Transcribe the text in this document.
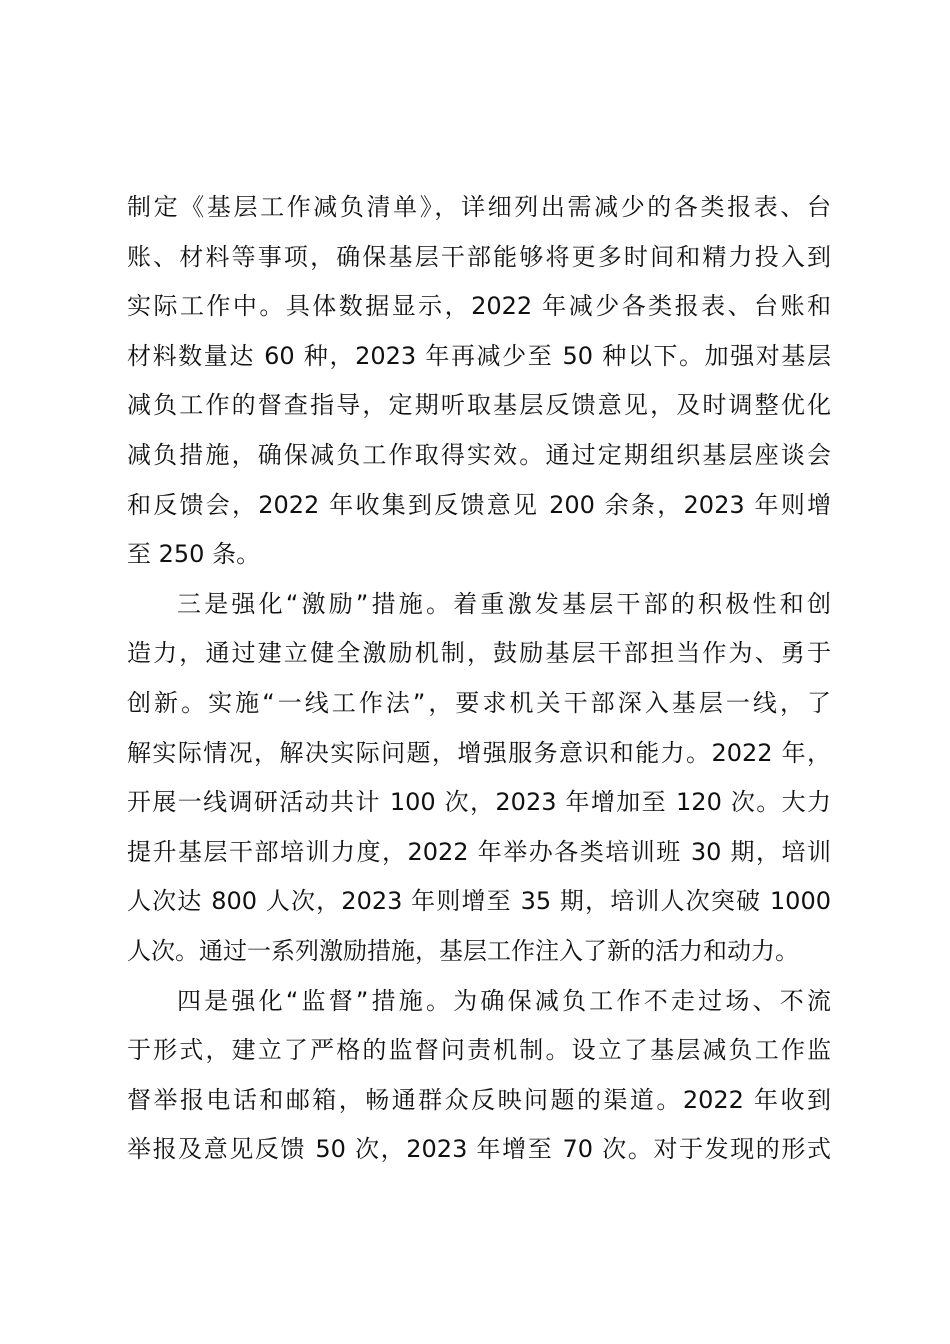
制定《基层工作减负清单》，详细列出需减少的各类报表、台
账、材料等事项，确保基层干部能够将更多时间和精力投入到
实际工作中。具体数据显示，2022 年减少各类报表、台账和
材料数量达 60 种，2023 年再减少至 50 种以下。加强对基层
减负工作的督查指导，定期听取基层反馈意见，及时调整优化
减负措施，确保减负工作取得实效。通过定期组织基层座谈会
和反馈会，2022 年收集到反馈意见 200 余条，2023 年则增
至 250 条。
三是强化“激励”措施。着重激发基层干部的积极性和创
造力，通过建立健全激励机制，鼓励基层干部担当作为、勇于
创新。实施“一线工作法”，要求机关干部深入基层一线，了
解实际情况，解决实际问题，增强服务意识和能力。2022 年，
开展一线调研活动共计 100 次，2023 年增加至 120 次。大力
提升基层干部培训力度，2022 年举办各类培训班 30 期，培训
人次达 800 人次，2023 年则增至 35 期，培训人次突破 1000
人次。通过一系列激励措施，基层工作注入了新的活力和动力。
四是强化“监督”措施。为确保减负工作不走过场、不流
于形式，建立了严格的监督问责机制。设立了基层减负工作监
督举报电话和邮箱，畅通群众反映问题的渠道。2022 年收到
举报及意见反馈 50 次，2023 年增至 70 次。对于发现的形式
